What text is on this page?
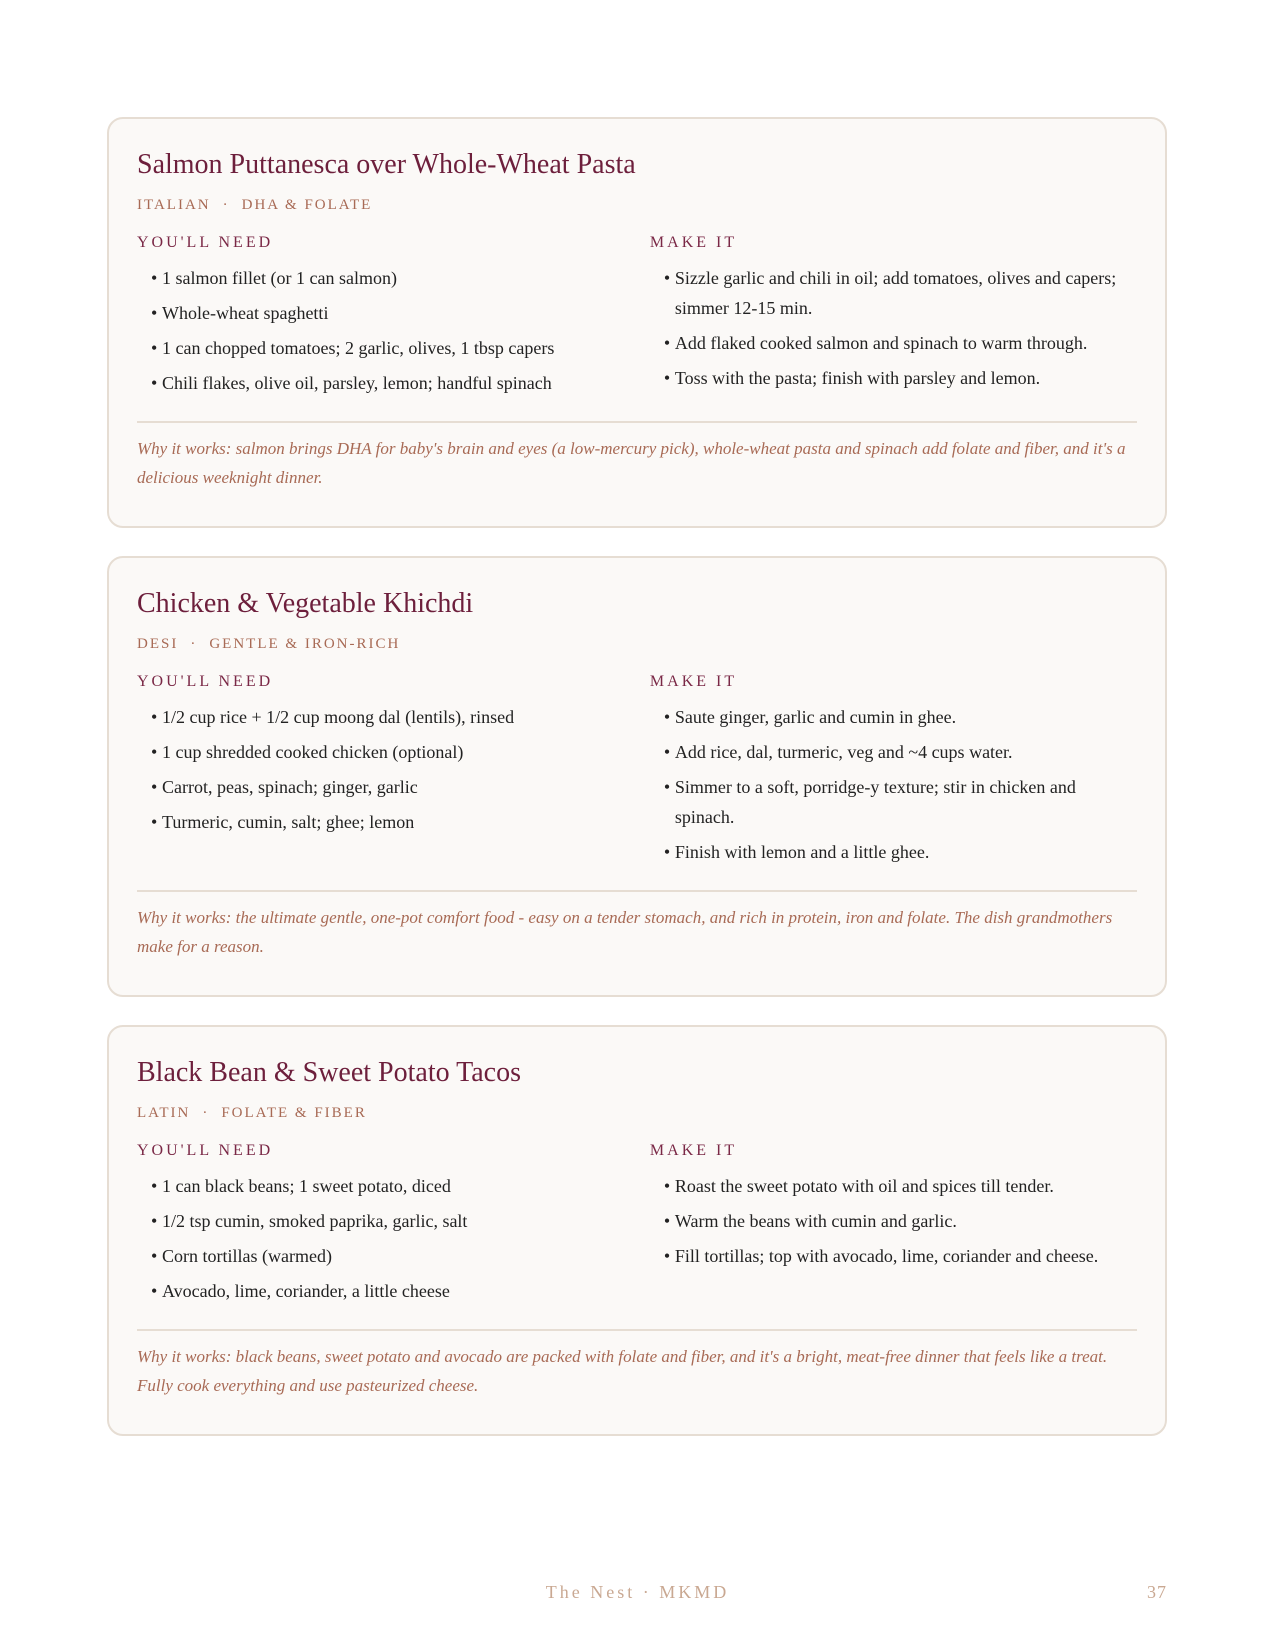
Salmon Puttanesca over Whole-Wheat Pasta
ITALIAN · DHA & FOLATE
YOU'LL NEED
• 1 salmon fillet (or 1 can salmon)
• Whole-wheat spaghetti
• 1 can chopped tomatoes; 2 garlic, olives, 1 tbsp capers
• Chili flakes, olive oil, parsley, lemon; handful spinach
MAKE IT
• Sizzle garlic and chili in oil; add tomatoes, olives and capers; simmer 12-15 min.
• Add flaked cooked salmon and spinach to warm through.
• Toss with the pasta; finish with parsley and lemon.
Why it works: salmon brings DHA for baby's brain and eyes (a low-mercury pick), whole-wheat pasta and spinach add folate and fiber, and it's a delicious weeknight dinner.
Chicken & Vegetable Khichdi
DESI · GENTLE & IRON-RICH
YOU'LL NEED
• 1/2 cup rice + 1/2 cup moong dal (lentils), rinsed
• 1 cup shredded cooked chicken (optional)
• Carrot, peas, spinach; ginger, garlic
• Turmeric, cumin, salt; ghee; lemon
MAKE IT
• Saute ginger, garlic and cumin in ghee.
• Add rice, dal, turmeric, veg and ~4 cups water.
• Simmer to a soft, porridge-y texture; stir in chicken and spinach.
• Finish with lemon and a little ghee.
Why it works: the ultimate gentle, one-pot comfort food - easy on a tender stomach, and rich in protein, iron and folate. The dish grandmothers make for a reason.
Black Bean & Sweet Potato Tacos
LATIN · FOLATE & FIBER
YOU'LL NEED
• 1 can black beans; 1 sweet potato, diced
• 1/2 tsp cumin, smoked paprika, garlic, salt
• Corn tortillas (warmed)
• Avocado, lime, coriander, a little cheese
MAKE IT
• Roast the sweet potato with oil and spices till tender.
• Warm the beans with cumin and garlic.
• Fill tortillas; top with avocado, lime, coriander and cheese.
Why it works: black beans, sweet potato and avocado are packed with folate and fiber, and it's a bright, meat-free dinner that feels like a treat. Fully cook everything and use pasteurized cheese.
The Nest · MKMD	37
